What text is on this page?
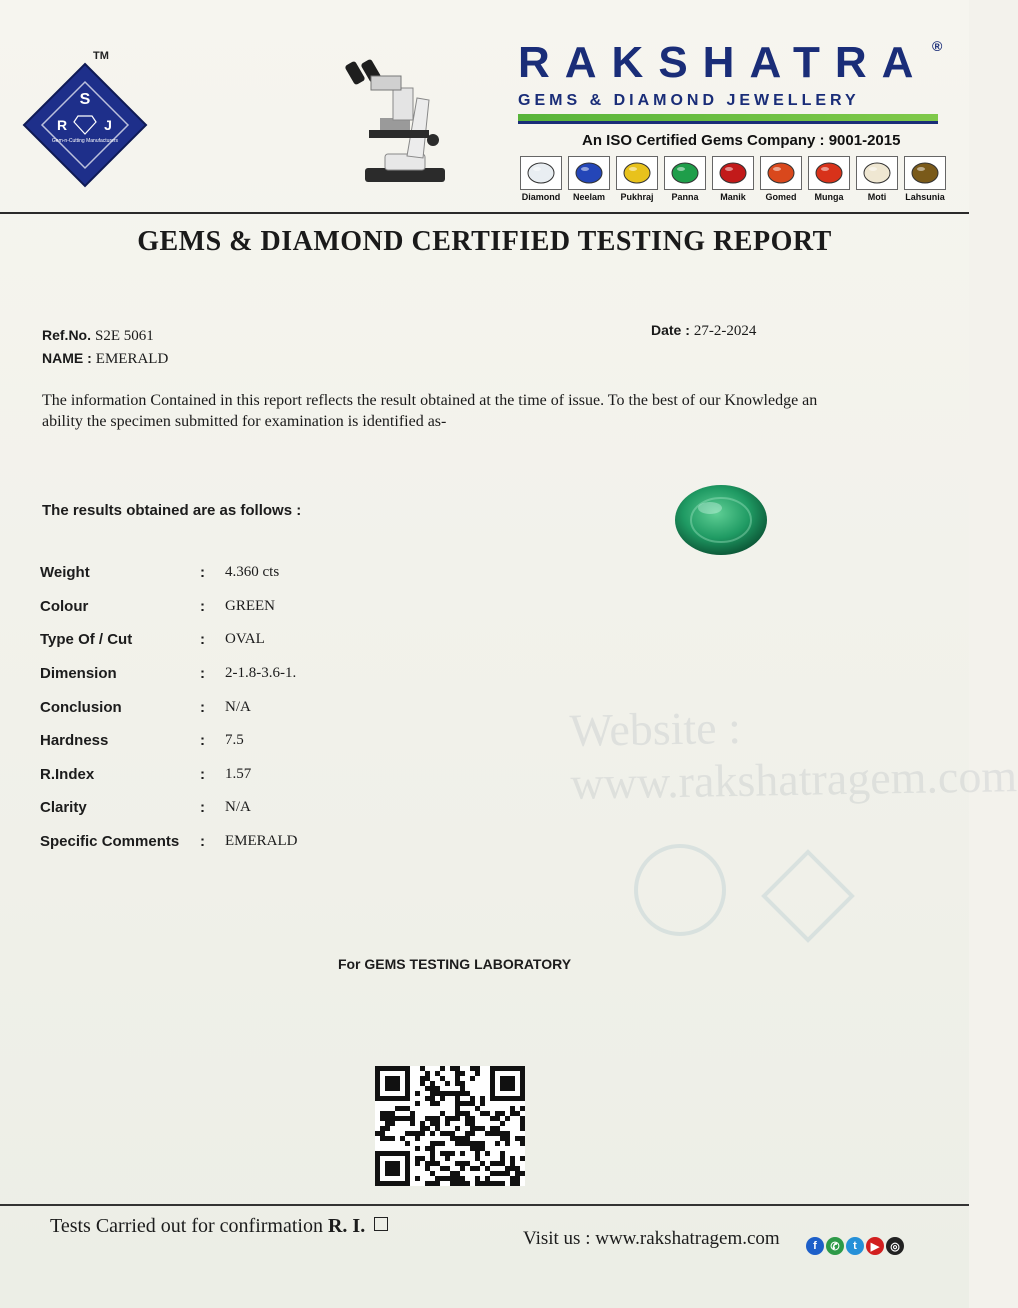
S
R	J
Gem-n-Cutting Manufacturers
TM	RAKSHATRA ®
GEMS & DIAMOND JEWELLERY
An ISO Certified Gems Company : 9001-2015
Diamond	Neelam	Pukhraj	Panna	Manik	Gomed	Munga	Moti	Lahsunia
GEMS & DIAMOND CERTIFIED TESTING REPORT
Website : www.rakshatragem.com
Ref.No. S2E 5061
NAME : EMERALD
Date : 27-2-2024
The information Contained in this report reflects the result obtained at the time of issue. To the best of our Knowledge an ability the specimen submitted for examination is identified as-
The results obtained are as follows :
Weight	: 4.360 cts
Colour	: GREEN
Type Of / Cut	: OVAL
Dimension	: 2-1.8-3.6-1.
Conclusion	: N/A
Hardness	: 7.5
R.Index	: 1.57
Clarity	: N/A
Specific Comments	: EMERALD
For GEMS TESTING LABORATORY
Tests Carried out for confirmation R. I.
Visit us : www.rakshatragem.com	f	✆	t	▶ ◎
